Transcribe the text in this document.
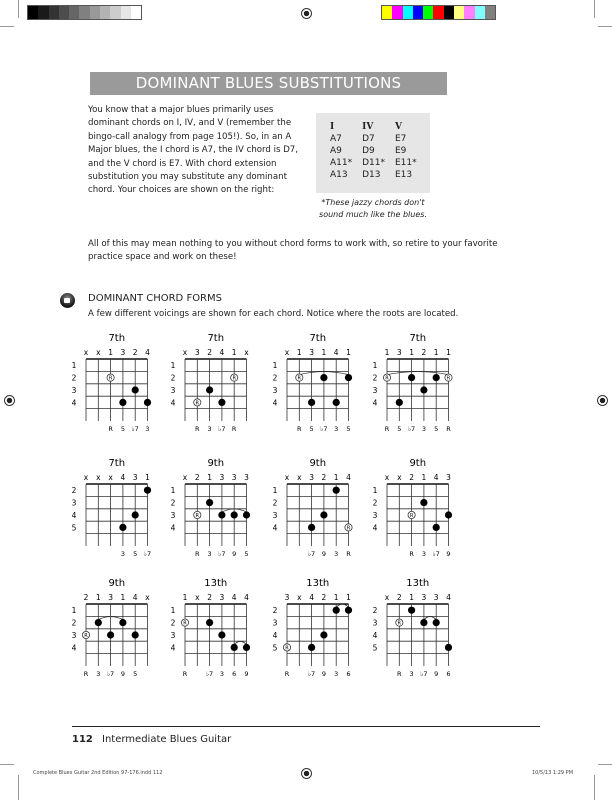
DOMINANT BLUES SUBSTITUTIONS
You know that a major blues primarily uses dominant chords on I, IV, and V (remember the bingo-call analogy from page 105!). So, in an A Major blues, the I chord is A7, the IV chord is D7, and the V chord is E7. With chord extension substitution you may substitute any dominant chord. Your choices are shown on the right:
I	IV	V
A7	D7	E7
A9	D9	E9
A11*	D11*	E11*
A13	D13	E13
*These jazzy chords don't sound much like the blues.
All of this may mean nothing to you without chord forms to work with, so retire to your favorite practice space and work on these!
DOMINANT CHORD FORMS
A few different voicings are shown for each chord. Notice where the roots are located.
7th
x x 1 3 2 4
1
2
3
4
R
R 5 ♭7 3
7th
x 3 2 4 1 x
1
2
3
4
R
R
R 3 ♭7 R
7th
x 1 3 1 4 1
1
2
3
4
R
R 5 ♭7 3 5
7th
1 3 1 2 1 1
1
2
3
4
R	R
R 5 ♭7 3 5 R
7th
x x x 4 3 1
2
3
4
5
3 5 ♭7
9th
x 2 1 3 3 3
1
2
3
4
R
R 3 ♭7 9 5
9th
x x 3 2 1 4
1
2
3
4	R
♭7 9 3 R
9th
x x 2 1 4 3
1
2
3
4
R
R 3 ♭7 9
9th
2 1 3 1 4 x
1
2
3
4
R
R 3 ♭7 9 5
13th
1 x 2 3 4 4
1
2
3
4
R
R	♭7 3 6 9
13th
3 x 4 2 1 1
2
3
4
5 R
R	♭7 9 3 6
13th
x 2 1 3 3 4
2
3
4
5
R
R 3 ♭7 9 6
112 Intermediate Blues Guitar
Complete Blues Guitar 2nd Edition 97-176.indd 112	10/5/13 1:29 PM
